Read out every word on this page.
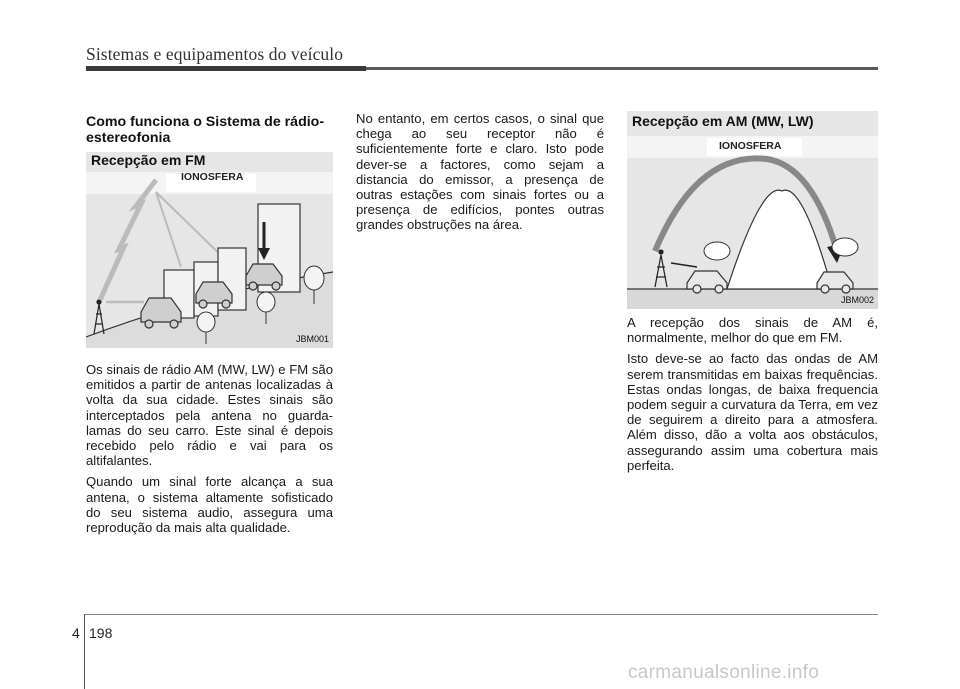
Sistemas e equipamentos do veículo
Como funciona o Sistema de rádio-estereofonia
Recepção em FM
IONOSFERA
JBM001

Os sinais de rádio AM (MW, LW) e FM são emitidos a partir de antenas localizadas à volta da sua cidade. Estes sinais são interceptados pela antena no guarda-lamas do seu carro. Este sinal é depois recebido pelo rádio e vai para os altifalantes.

Quando um sinal forte alcança a sua antena, o sistema altamente sofisticado do seu sistema audio, assegura uma reprodução da mais alta qualidade.

No entanto, em certos casos, o sinal que chega ao seu receptor não é suficientemente forte e claro. Isto pode dever-se a factores, como sejam a distancia do emissor, a presença de outras estações com sinais fortes ou a presença de edifícios, pontes outras grandes obstruções na área.

Recepção em AM (MW, LW)
IONOSFERA
JBM002

A recepção dos sinais de AM é, normalmente, melhor do que em FM.

Isto deve-se ao facto das ondas de AM serem transmitidas em baixas frequências. Estas ondas longas, de baixa frequencia podem seguir a curvatura da Terra, em vez de seguirem a direito para a atmosfera. Além disso, dão a volta aos obstáculos, assegurando assim uma cobertura mais perfeita.

4 198
carmanualsonline.info
